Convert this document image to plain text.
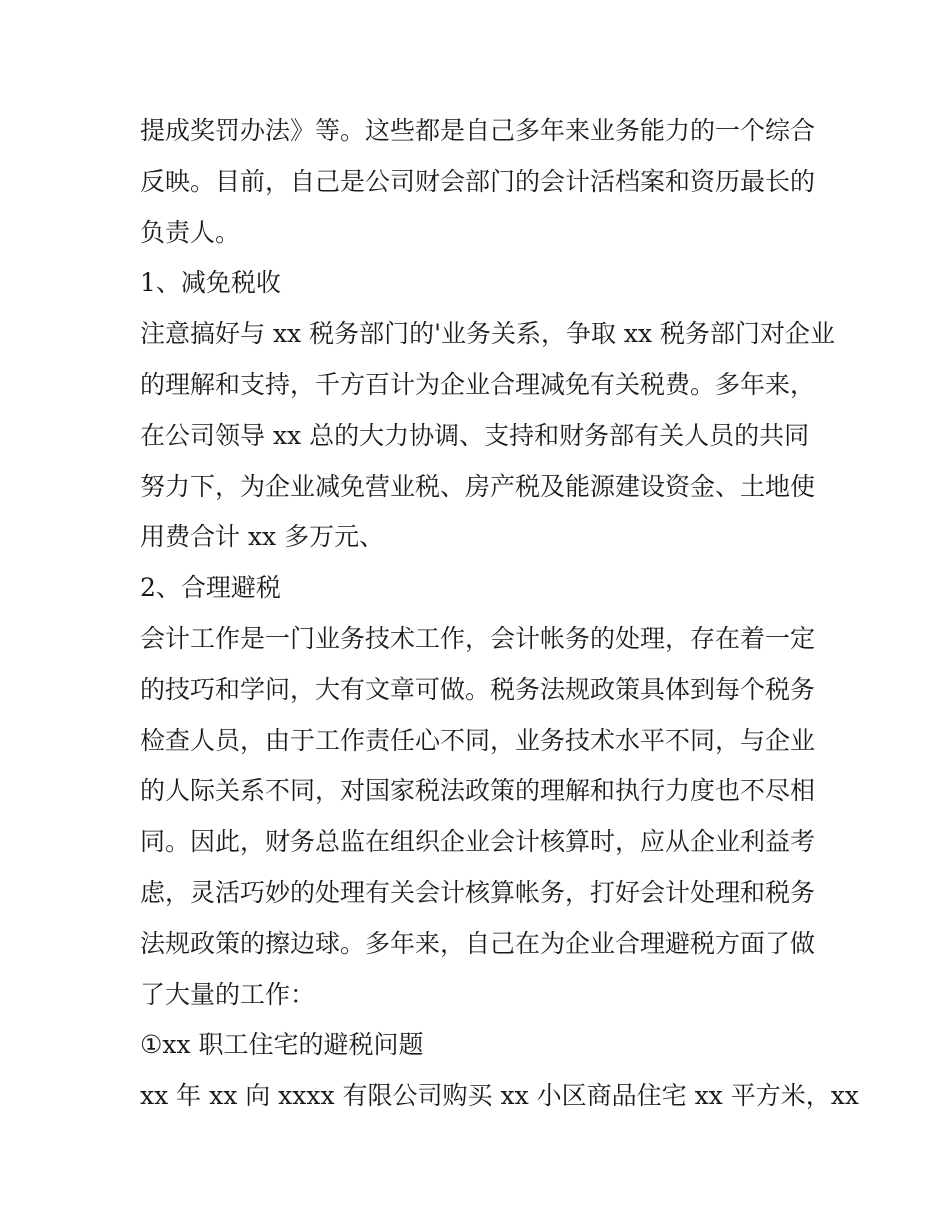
提成奖罚办法》等。这些都是自己多年来业务能力的一个综合
反映。目前，自己是公司财会部门的会计活档案和资历最长的
负责人。
1、减免税收
注意搞好与 xx 税务部门的'业务关系，争取 xx 税务部门对企业
的理解和支持，千方百计为企业合理减免有关税费。多年来，
在公司领导 xx 总的大力协调、支持和财务部有关人员的共同
努力下，为企业减免营业税、房产税及能源建设资金、土地使
用费合计 xx 多万元、
2、合理避税
会计工作是一门业务技术工作，会计帐务的处理，存在着一定
的技巧和学问，大有文章可做。税务法规政策具体到每个税务
检查人员，由于工作责任心不同，业务技术水平不同，与企业
的人际关系不同，对国家税法政策的理解和执行力度也不尽相
同。因此，财务总监在组织企业会计核算时，应从企业利益考
虑，灵活巧妙的处理有关会计核算帐务，打好会计处理和税务
法规政策的擦边球。多年来，自己在为企业合理避税方面了做
了大量的工作：
①xx 职工住宅的避税问题
xx 年 xx 向 xxxx 有限公司购买 xx 小区商品住宅 xx 平方米，xx
